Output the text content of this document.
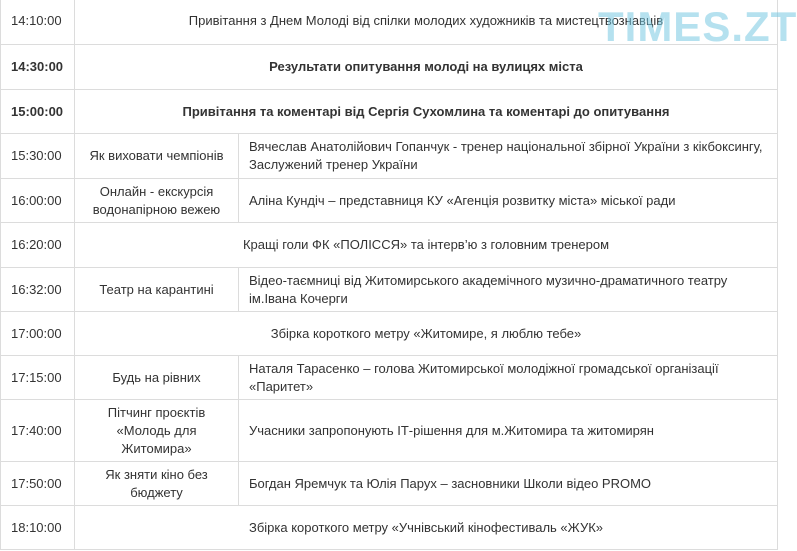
14:10:00	Привітання з Днем Молоді від спілки молодих художників та мистецтвознавців	
14:30:00	Результати опитування молоді на вулицях міста	
15:00:00	Привітання та коментарі від Сергія Сухомлина та коментарі до опитування	
15:30:00	Як виховати чемпіонів	Вячеслав Анатолійович Гопанчук - тренер національної збірної України з кікбоксингу, Заслужений тренер України
16:00:00	Онлайн - екскурсія водонапірною вежею	Аліна Кундіч – представниця КУ «Агенція розвитку міста» міської ради
16:20:00	Кращі голи ФК «ПОЛІССЯ» та інтерв’ю з головним тренером	
16:32:00	Театр на карантині	Відео-таємниці від Житомирського академічного музично-драматичного театру ім.Івана Кочерги
17:00:00	Збірка короткого метру «Житомире, я люблю тебе»	
17:15:00	Будь на рівних	Наталя Тарасенко – голова Житомирської молодіжної громадської організації «Паритет»
17:40:00	Пітчинг проєктів «Молодь для Житомира»	Учасники запропонують ІТ-рішення для м.Житомира та житомирян
17:50:00	Як зняти кіно без бюджету	Богдан Яремчук та Юлія Парух – засновники Школи відео PROMO
18:10:00	Збірка короткого метру «Учнівський кінофестиваль «ЖУК»	
TIMES.ZT
